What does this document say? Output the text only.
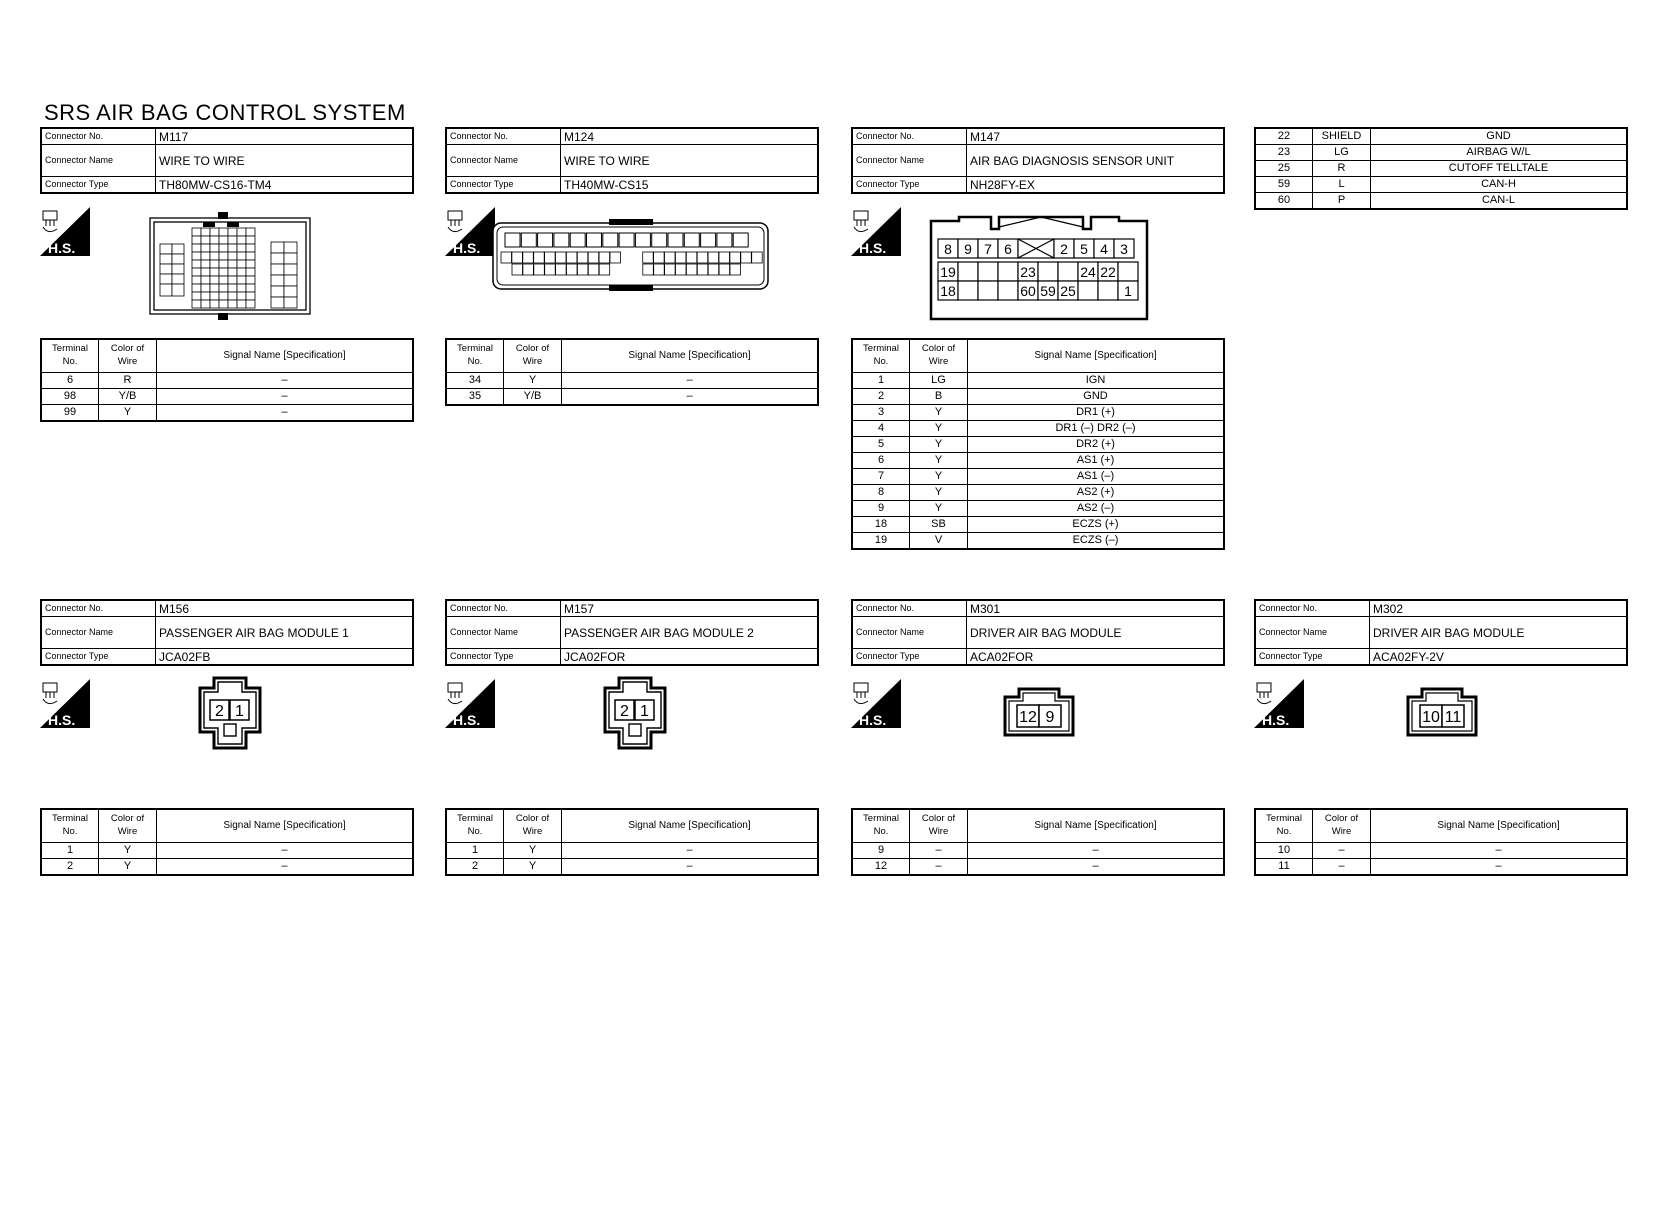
SRS AIR BAG CONTROL SYSTEM
Connector No.	M117
Connector Name	WIRE TO WIRE
Connector Type	TH80MW-CS16-TM4
H.S.
Terminal
No.	Color of
Wire	Signal Name [Specification]
6	R	–
98	Y/B	–
99	Y	–
Connector No.	M124
Connector Name	WIRE TO WIRE
Connector Type	TH40MW-CS15
H.S.
Terminal
No.	Color of
Wire	Signal Name [Specification]
34	Y	–
35	Y/B	–
Connector No.	M147
Connector Name	AIR BAG DIAGNOSIS SENSOR UNIT
Connector Type	NH28FY-EX
H.S.	8 9 7 6	2 5 4 3
19	23	24 22
18	60 59 25	1
Terminal
No.	Color of
Wire	Signal Name [Specification]
1	LG	IGN
2	B	GND
3	Y	DR1 (+)
4	Y	DR1 (–) DR2 (–)
5	Y	DR2 (+)
6	Y	AS1 (+)
7	Y	AS1 (–)
8	Y	AS2 (+)
9	Y	AS2 (–)
18	SB	ECZS (+)
19	V	ECZS (–)
22	SHIELD	GND
23	LG	AIRBAG W/L
25	R	CUTOFF TELLTALE
59	L	CAN-H
60	P	CAN-L
Connector No.	M156
Connector Name	PASSENGER AIR BAG MODULE 1
Connector Type	JCA02FB
H.S.	2 1
Terminal
No.	Color of
Wire	Signal Name [Specification]
1	Y	–
2	Y	–
Connector No.	M157
Connector Name	PASSENGER AIR BAG MODULE 2
Connector Type	JCA02FOR
H.S.	2 1
Terminal
No.	Color of
Wire	Signal Name [Specification]
1	Y	–
2	Y	–
Connector No.	M301
Connector Name	DRIVER AIR BAG MODULE
Connector Type	ACA02FOR
H.S.	12 9
Terminal
No.	Color of
Wire	Signal Name [Specification]
9	–	–
12	–	–
Connector No.	M302
Connector Name	DRIVER AIR BAG MODULE
Connector Type	ACA02FY-2V
H.S.	10 11
Terminal
No.	Color of
Wire	Signal Name [Specification]
10	–	–
11	–	–
